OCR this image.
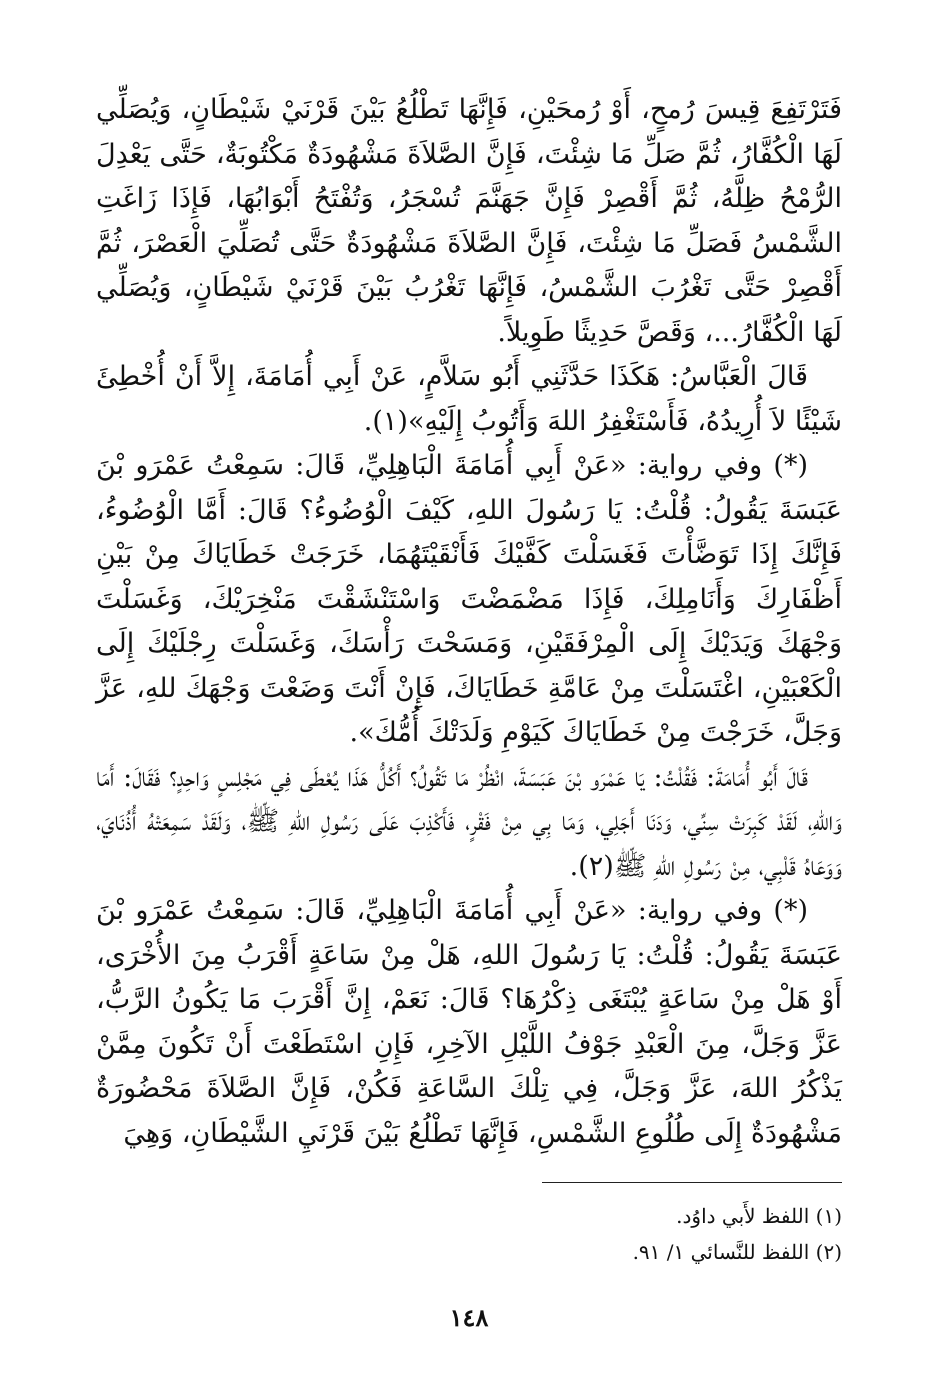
فَتَرْتَفِعَ قِيسَ رُمحٍ، أَوْ رُمحَيْنِ، فَإِنَّهَا تَطْلُعُ بَيْنَ قَرْنَيْ شَيْطَانٍ، وَيُصَلِّي لَهَا الْكُفَّارُ، ثُمَّ صَلِّ مَا شِئْتَ، فَإِنَّ الصَّلاَةَ مَشْهُودَةٌ مَكْتُوبَةٌ، حَتَّى يَعْدِلَ الرُّمْحُ ظِلَّهُ، ثُمَّ أَقْصِرْ فَإِنَّ جَهَنَّمَ تُسْجَرُ، وَتُفْتَحُ أَبْوَابُهَا، فَإِذَا زَاغَتِ الشَّمْسُ فَصَلِّ مَا شِئْتَ، فَإِنَّ الصَّلاَةَ مَشْهُودَةٌ حَتَّى تُصَلِّيَ الْعَصْرَ، ثُمَّ أَقْصِرْ حَتَّى تَغْرُبَ الشَّمْسُ، فَإِنَّهَا تَغْرُبُ بَيْنَ قَرْنَيْ شَيْطَانٍ، وَيُصَلِّي لَهَا الْكُفَّارُ...، وَقَصَّ حَدِيثًا طَوِيلاً.

قَالَ الْعَبَّاسُ: هَكَذَا حَدَّثَنِي أَبُو سَلاَّمٍ، عَنْ أَبِي أُمَامَةَ، إِلاَّ أَنْ أُخْطِئَ شَيْئًا لاَ أُرِيدُهُ، فَأَسْتَغْفِرُ اللهَ وَأَتُوبُ إِلَيْهِ»(١).

(*) وفي رواية: «عَنْ أَبِي أُمَامَةَ الْبَاهِلِيِّ، قَالَ: سَمِعْتُ عَمْرَو بْنَ عَبَسَةَ يَقُولُ: قُلْتُ: يَا رَسُولَ اللهِ، كَيْفَ الْوُضُوءُ؟ قَالَ: أَمَّا الْوُضُوءُ، فَإِنَّكَ إِذَا تَوَضَّأْتَ فَغَسَلْتَ كَفَّيْكَ فَأَنْقَيْتَهُمَا، خَرَجَتْ خَطَايَاكَ مِنْ بَيْنِ أَظْفَارِكَ وَأَنَامِلِكَ، فَإِذَا مَضْمَضْتَ وَاسْتَنْشَقْتَ مَنْخِرَيْكَ، وَغَسَلْتَ وَجْهَكَ وَيَدَيْكَ إِلَى الْمِرْفَقَيْنِ، وَمَسَحْتَ رَأْسَكَ، وَغَسَلْتَ رِجْلَيْكَ إِلَى الْكَعْبَيْنِ، اغْتَسَلْتَ مِنْ عَامَّةِ خَطَايَاكَ، فَإِنْ أَنْتَ وَضَعْتَ وَجْهَكَ للهِ، عَزَّ وَجَلَّ، خَرَجْتَ مِنْ خَطَايَاكَ كَيَوْمِ وَلَدَتْكَ أُمُّكَ».

قَالَ أَبُو أُمَامَةَ: فَقُلْتُ: يَا عَمْرَو بْنَ عَبَسَةَ، انْظُرْ مَا تَقُولُ؟ أَكُلُّ هَذَا يُعْطَى فِي مَجْلِسٍ وَاحِدٍ؟ فَقَالَ: أَمَا وَاللهِ، لَقَدْ كَبِرَتْ سِنِّي، وَدَنَا أَجَلِي، وَمَا بِي مِنْ فَقْرٍ، فَأَكْذِبَ عَلَى رَسُولِ اللهِ ﷺ، وَلَقَدْ سَمِعَتْهُ أُذُنَايَ، وَوَعَاهُ قَلْبِي، مِنْ رَسُولِ اللهِ ﷺ(٢).

(*) وفي رواية: «عَنْ أَبِي أُمَامَةَ الْبَاهِلِيِّ، قَالَ: سَمِعْتُ عَمْرَو بْنَ عَبَسَةَ يَقُولُ: قُلْتُ: يَا رَسُولَ اللهِ، هَلْ مِنْ سَاعَةٍ أَقْرَبُ مِنَ الأُخْرَى، أَوْ هَلْ مِنْ سَاعَةٍ يُبْتَغَى ذِكْرُهَا؟ قَالَ: نَعَمْ، إِنَّ أَقْرَبَ مَا يَكُونُ الرَّبُّ، عَزَّ وَجَلَّ، مِنَ الْعَبْدِ جَوْفُ اللَّيْلِ الآخِرِ، فَإِنِ اسْتَطَعْتَ أَنْ تَكُونَ مِمَّنْ يَذْكُرُ اللهَ، عَزَّ وَجَلَّ، فِي تِلْكَ السَّاعَةِ فَكُنْ، فَإِنَّ الصَّلاَةَ مَحْضُورَةٌ مَشْهُودَةٌ إِلَى طُلُوعِ الشَّمْسِ، فَإِنَّهَا تَطْلُعُ بَيْنَ قَرْنَيِ الشَّيْطَانِ، وَهِيَ

(١) اللفظ لأَبي داوُد.

(٢) اللفظ للنَّسائي ١/ ٩١.

١٤٨
